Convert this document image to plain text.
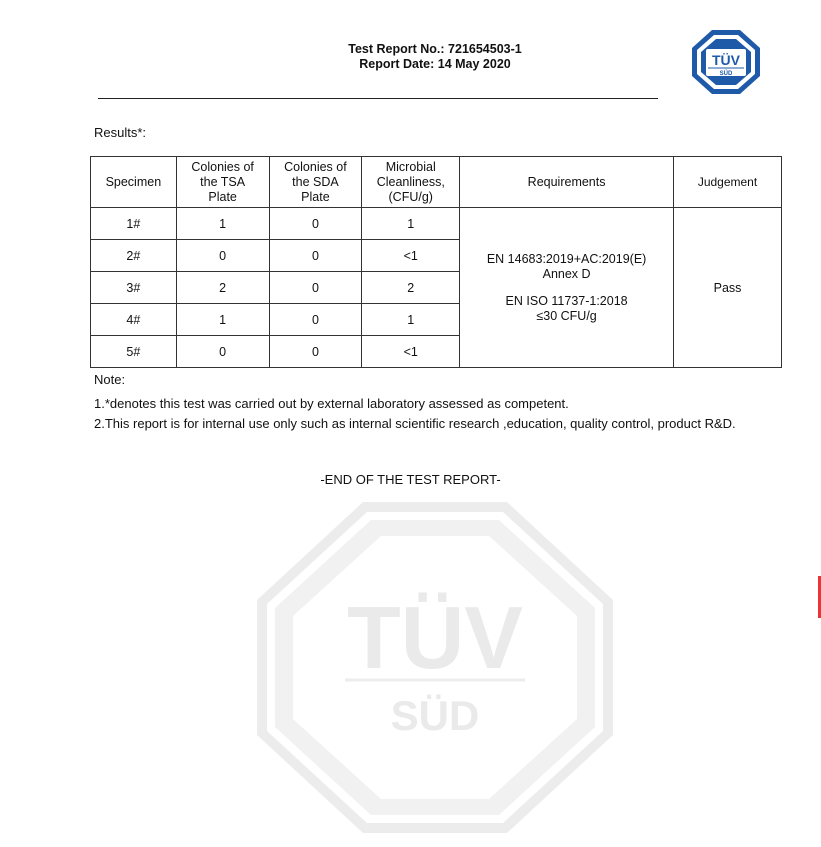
Test Report No.: 721654503-1
Report Date: 14 May 2020	TÜV
SÜD
Results*:
Specimen	Colonies of
the TSA
Plate	Colonies of
the SDA
Plate	Microbial
Cleanliness,
(CFU/g)	Requirements	Judgement
1#	1	0	1	EN 14683:2019+AC:2019(E)
Annex D
EN ISO 11737-1:2018
≤30 CFU/g	Pass
2#	0	0	<1		
3#	2	0	2		
4#	1	0	1		
5#	0	0	<1		
Note:
1.*denotes this test was carried out by external laboratory assessed as competent.
2.This report is for internal use only such as internal scientific research ,education, quality control, product R&D.
-END OF THE TEST REPORT-
TÜV
SÜD
